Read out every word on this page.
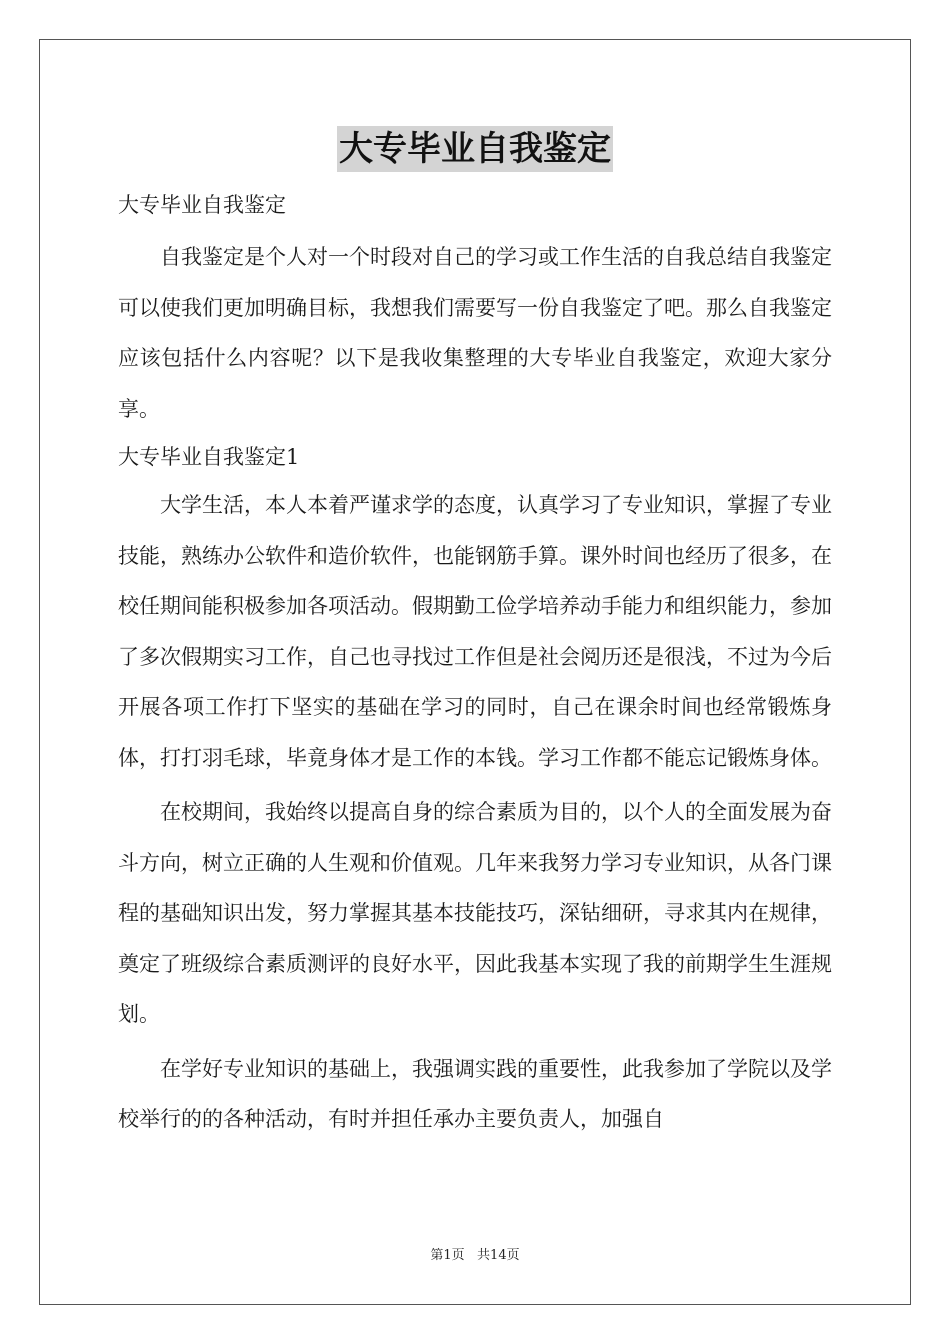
大专毕业自我鉴定
大专毕业自我鉴定

自我鉴定是个人对一个时段对自己的学习或工作生活的自我总结自我鉴定可以使我们更加明确目标，我想我们需要写一份自我鉴定了吧。那么自我鉴定应该包括什么内容呢？以下是我收集整理的大专毕业自我鉴定，欢迎大家分享。

大专毕业自我鉴定1

大学生活，本人本着严谨求学的态度，认真学习了专业知识，掌握了专业技能，熟练办公软件和造价软件，也能钢筋手算。课外时间也经历了很多，在校任期间能积极参加各项活动。假期勤工俭学培养动手能力和组织能力，参加了多次假期实习工作，自己也寻找过工作但是社会阅历还是很浅，不过为今后开展各项工作打下坚实的基础在学习的同时，自己在课余时间也经常锻炼身体，打打羽毛球，毕竟身体才是工作的本钱。学习工作都不能忘记锻炼身体。

在校期间，我始终以提高自身的综合素质为目的，以个人的全面发展为奋斗方向，树立正确的人生观和价值观。几年来我努力学习专业知识，从各门课程的基础知识出发，努力掌握其基本技能技巧，深钻细研，寻求其内在规律，奠定了班级综合素质测评的良好水平，因此我基本实现了我的前期学生生涯规划。

在学好专业知识的基础上，我强调实践的重要性，此我参加了学院以及学校举行的的各种活动，有时并担任承办主要负责人，加强自

第1页   共14页
